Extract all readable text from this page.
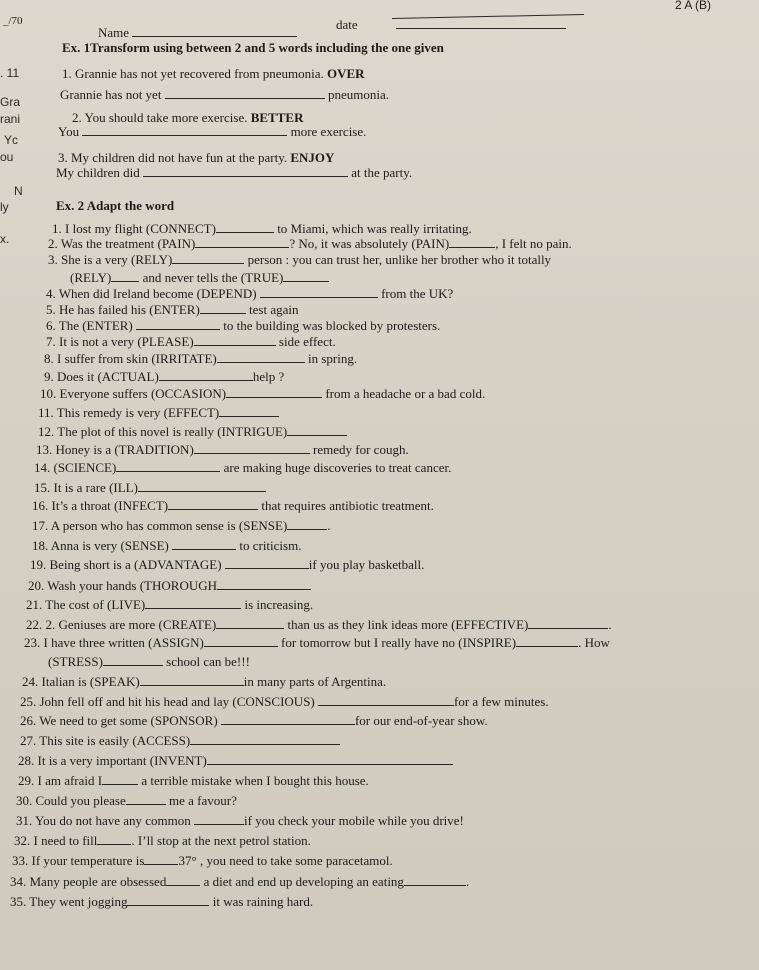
_/70
2 A (B)
Name
date
. 11
Gra
rani
Yc
ou
N
ly
x.
Ex. 1Transform using between 2 and 5 words including the one given
1. Grannie has not yet recovered from pneumonia. OVER
Grannie has not yet	pneumonia.
2. You should take more exercise. BETTER
You	more exercise.
3. My children did not have fun at the party. ENJOY
My children did	at the party.
Ex. 2 Adapt the word
1. I lost my flight (CONNECT)	to Miami, which was really irritating.
2. Was the treatment (PAIN)	? No, it was absolutely (PAIN)	, I felt no pain.
3. She is a very (RELY)	person : you can trust her, unlike her brother who it totally
(RELY) and never tells the (TRUE)
4. When did Ireland become (DEPEND)	from the UK?
5. He has failed his (ENTER)	test again
6. The (ENTER)	to the building was blocked by protesters.
7. It is not a very (PLEASE)	side effect.
8. I suffer from skin (IRRITATE)	in spring.
9. Does it (ACTUAL)	help ?
10. Everyone suffers (OCCASION)	from a headache or a bad cold.
11. This remedy is very (EFFECT)
12. The plot of this novel is really (INTRIGUE)
13. Honey is a (TRADITION)	remedy for cough.
14. (SCIENCE)	are making huge discoveries to treat cancer.
15. It is a rare (ILL)
16. It’s a throat (INFECT)	that requires antibiotic treatment.
17. A person who has common sense is (SENSE)	.
18. Anna is very (SENSE)	to criticism.
19. Being short is a (ADVANTAGE)	if you play basketball.
20. Wash your hands (THOROUGH
21. The cost of (LIVE)	is increasing.
22. 2. Geniuses are more (CREATE)	than us as they link ideas more (EFFECTIVE)	.
23. I have three written (ASSIGN)	for tomorrow but I really have no (INSPIRE)	. How
(STRESS)	school can be!!!
24. Italian is (SPEAK)	in many parts of Argentina.
25. John fell off and hit his head and lay (CONSCIOUS)	for a few minutes.
26. We need to get some (SPONSOR)	for our end-of-year show.
27. This site is easily (ACCESS)
28. It is a very important (INVENT)
29. I am afraid I	a terrible mistake when I bought this house.
30. Could you please	me a favour?
31. You do not have any common	if you check your mobile while you drive!
32. I need to fill	. I’ll stop at the next petrol station.
33. If your temperature is	37° , you need to take some paracetamol.
34. Many people are obsessed	a diet and end up developing an eating	.
35. They went jogging	it was raining hard.
